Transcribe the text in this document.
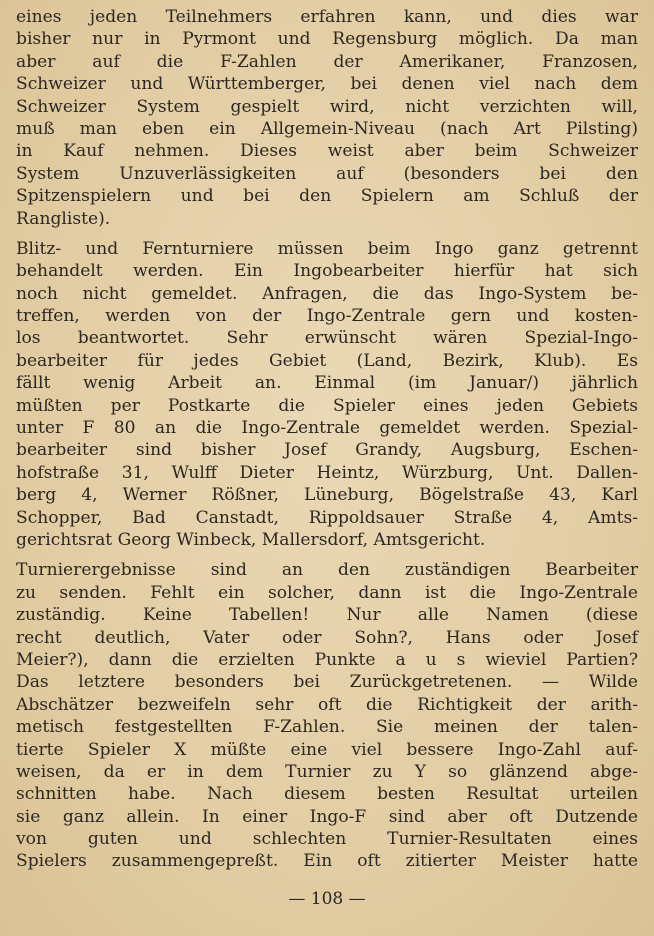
eines jeden Teilnehmers erfahren kann, und dies war
bisher nur in Pyrmont und Regensburg möglich. Da man
aber auf die F-Zahlen der Amerikaner, Franzosen,
Schweizer und Württemberger, bei denen viel nach dem
Schweizer System gespielt wird, nicht verzichten will,
muß man eben ein Allgemein-Niveau (nach Art Pilsting)
in Kauf nehmen. Dieses weist aber beim Schweizer
System Unzuverlässigkeiten auf (besonders bei den
Spitzenspielern und bei den Spielern am Schluß der
Rangliste).
Blitz- und Fernturniere müssen beim Ingo ganz getrennt
behandelt werden. Ein Ingobearbeiter hierfür hat sich
noch nicht gemeldet. Anfragen, die das Ingo-System be-
treffen, werden von der Ingo-Zentrale gern und kosten-
los beantwortet. Sehr erwünscht wären Spezial-Ingo-
bearbeiter für jedes Gebiet (Land, Bezirk, Klub). Es
fällt wenig Arbeit an. Einmal (im Januar/) jährlich
müßten per Postkarte die Spieler eines jeden Gebiets
unter F 80 an die Ingo-Zentrale gemeldet werden. Spezial-
bearbeiter sind bisher Josef Grandy, Augsburg, Eschen-
hofstraße 31, Wulff Dieter Heintz, Würzburg, Unt. Dallen-
berg 4, Werner Rößner, Lüneburg, Bögelstraße 43, Karl
Schopper, Bad Canstadt, Rippoldsauer Straße 4, Amts-
gerichtsrat Georg Winbeck, Mallersdorf, Amtsgericht.
Turnierergebnisse sind an den zuständigen Bearbeiter
zu senden. Fehlt ein solcher, dann ist die Ingo-Zentrale
zuständig. Keine Tabellen! Nur alle Namen (diese
recht deutlich, Vater oder Sohn?, Hans oder Josef
Meier?), dann die erzielten Punkte a u s wieviel Partien?
Das letztere besonders bei Zurückgetretenen. — Wilde
Abschätzer bezweifeln sehr oft die Richtigkeit der arith-
metisch festgestellten F-Zahlen. Sie meinen der talen-
tierte Spieler X müßte eine viel bessere Ingo-Zahl auf-
weisen, da er in dem Turnier zu Y so glänzend abge-
schnitten habe. Nach diesem besten Resultat urteilen
sie ganz allein. In einer Ingo-F sind aber oft Dutzende
von guten und schlechten Turnier-Resultaten eines
Spielers zusammengepreßt. Ein oft zitierter Meister hatte
— 108 —
